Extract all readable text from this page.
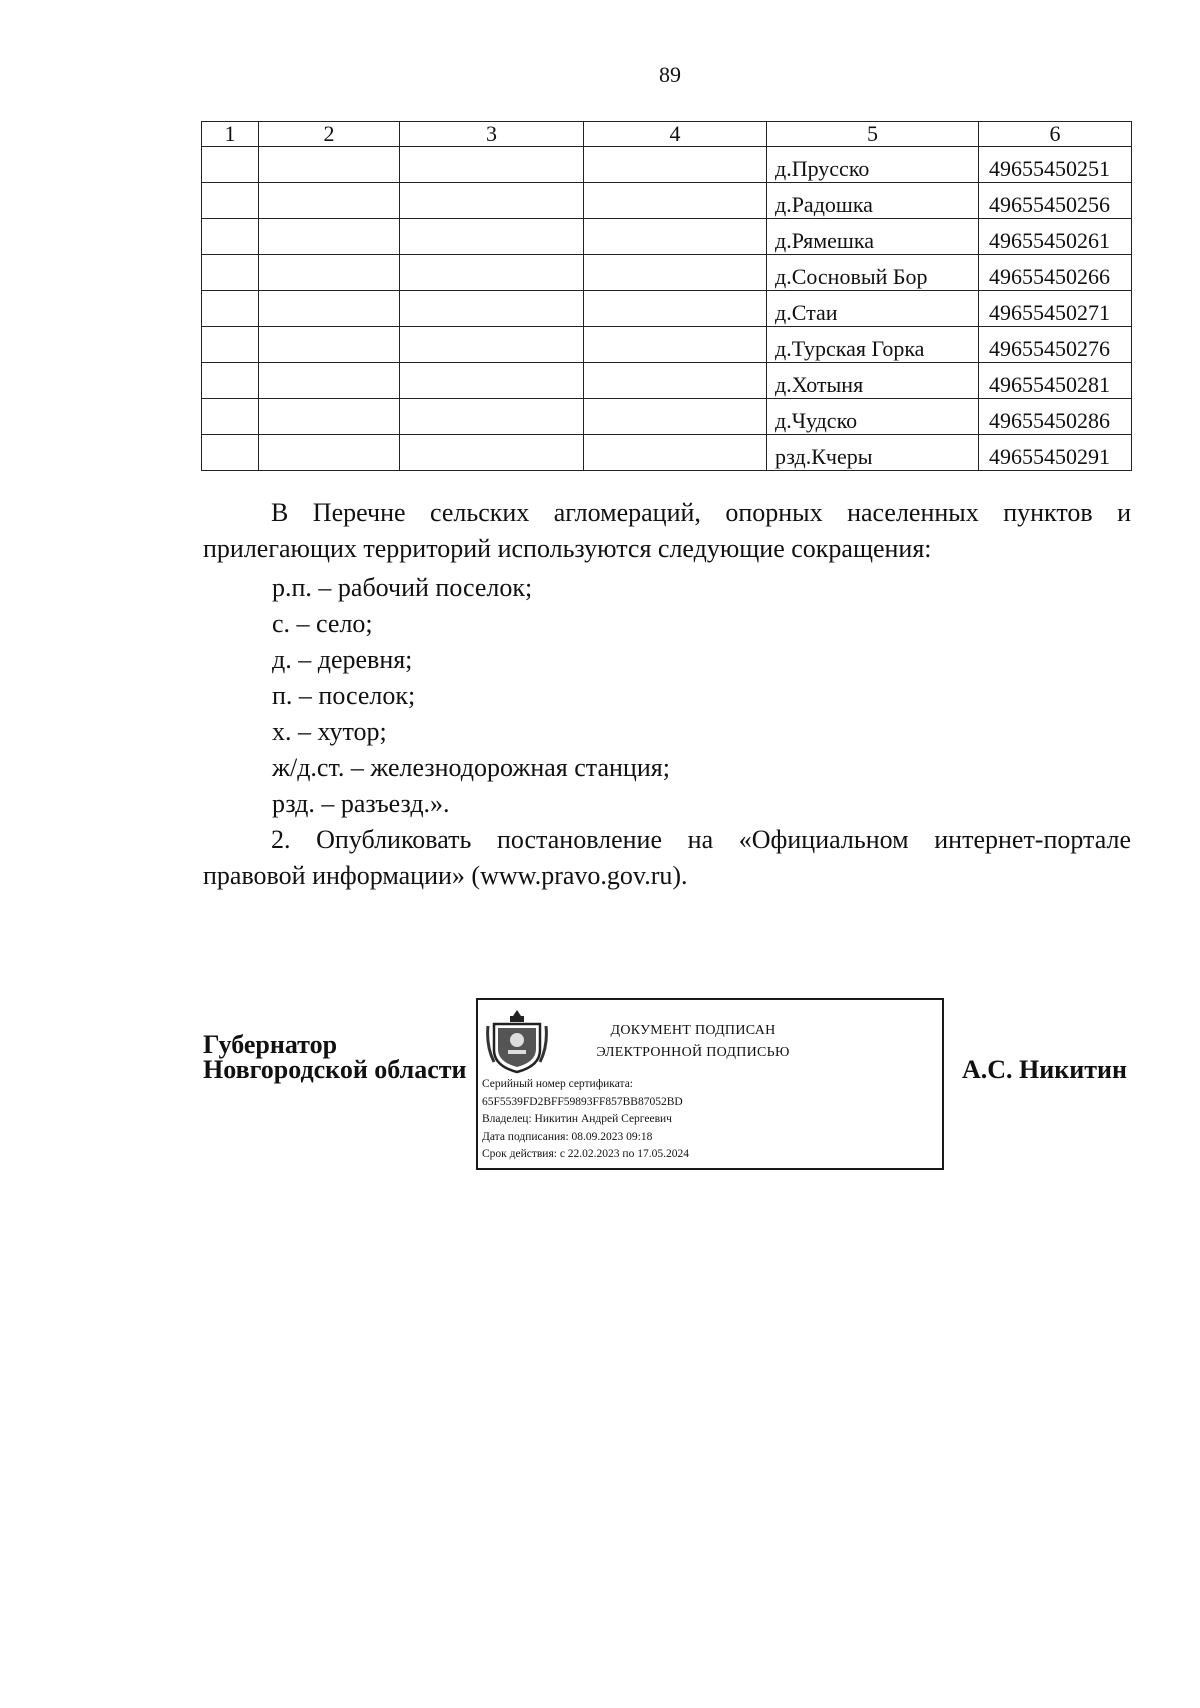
89
1	2	3	4	5	6
				д.Прусско	49655450251
				д.Радошка	49655450256
				д.Рямешка	49655450261
				д.Сосновый Бор	49655450266
				д.Стаи	49655450271
				д.Турская Горка	49655450276
				д.Хотыня	49655450281
				д.Чудско	49655450286
				рзд.Кчеры	49655450291
В Перечне сельских агломераций, опорных населенных пунктов и
прилегающих территорий используются следующие сокращения:
р.п. – рабочий поселок;
с. – село;
д. – деревня;
п. – поселок;
х. – хутор;
ж/д.ст. – железнодорожная станция;
рзд. – разъезд.».
2. Опубликовать постановление на «Официальном интернет-портале
правовой информации» (www.pravo.gov.ru).
Губернатор
Новгородской области
ДОКУМЕНТ ПОДПИСАН
ЭЛЕКТРОННОЙ ПОДПИСЬЮ
Серийный номер сертификата:
65F5539FD2BFF59893FF857BB87052BD
Владелец: Никитин Андрей Сергеевич
Дата подписания: 08.09.2023 09:18
Срок действия: с 22.02.2023 по 17.05.2024
А.С. Никитин
